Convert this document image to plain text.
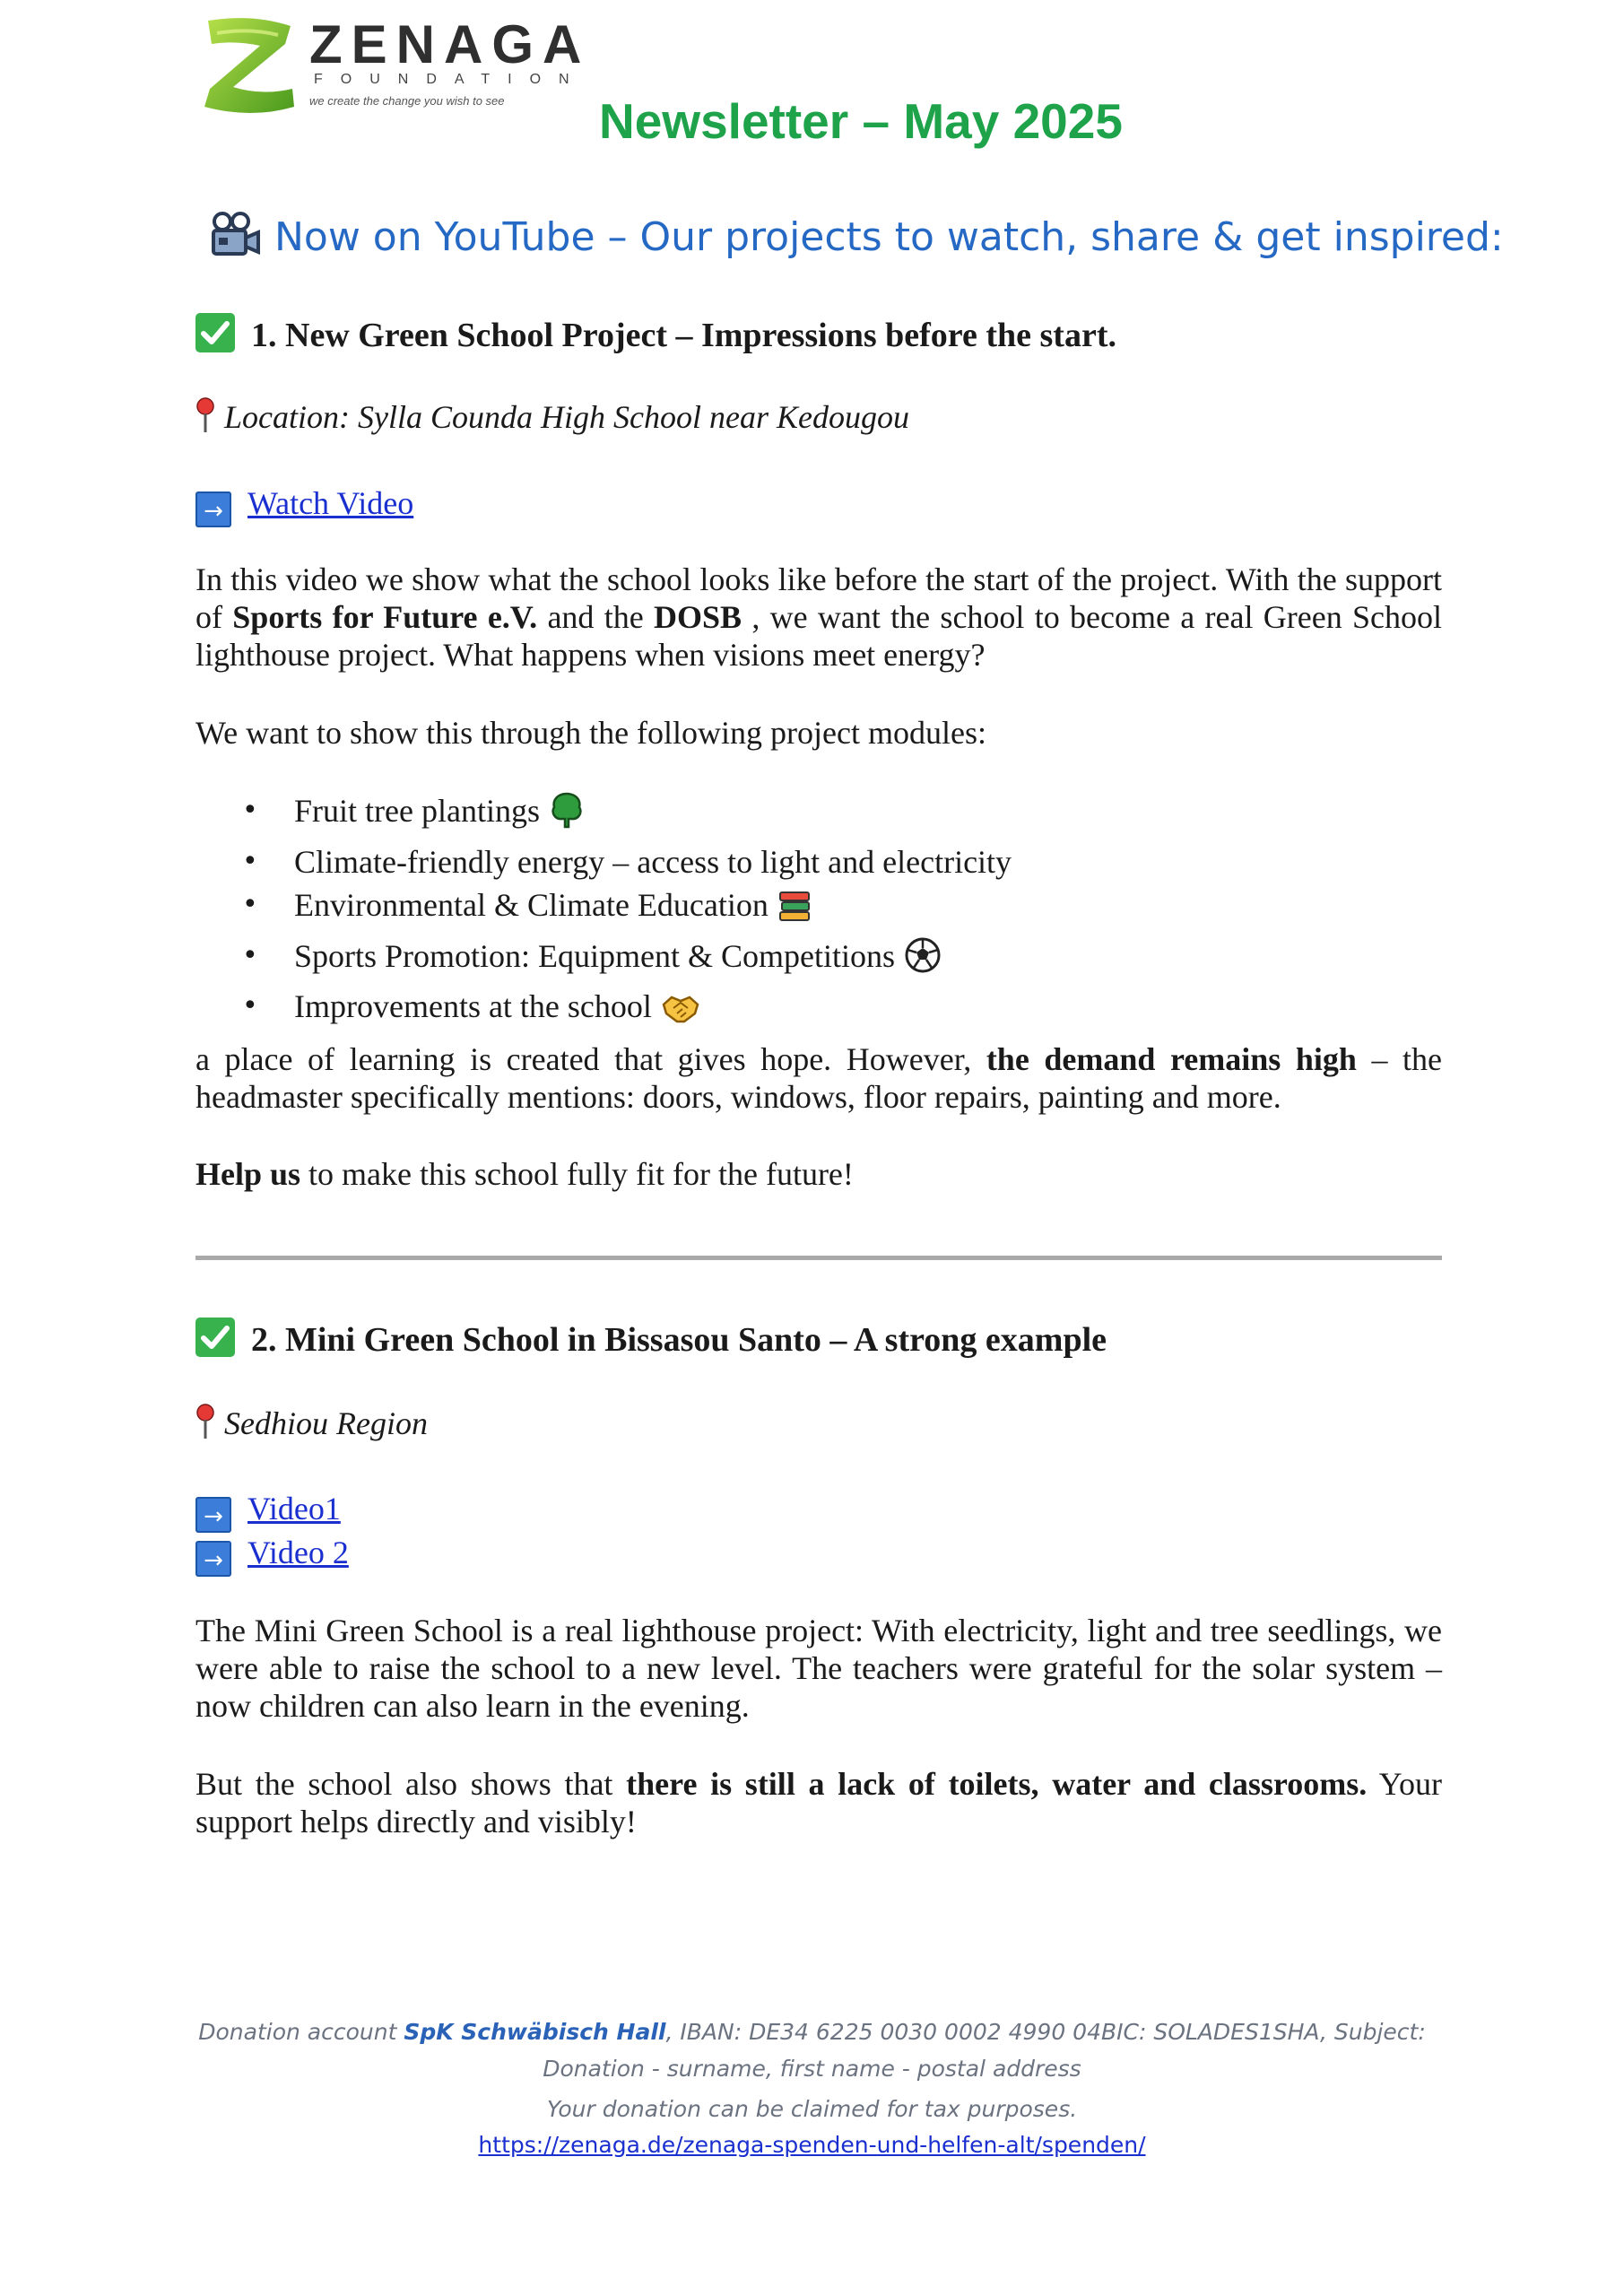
ZENAGA
FOUNDATION
we create the change you wish to see Newsletter – May 2025
Now on YouTube – Our projects to watch, share & get inspired:
1. New Green School Project – Impressions before the start.
Location: Sylla Counda High School near Kedougou
→ Watch Video
In this video we show what the school looks like before the start of the project. With the support of Sports for Future e.V. and the DOSB , we want the school to become a real Green School lighthouse project. What happens when visions meet energy?
We want to show this through the following project modules:
• Fruit tree plantings
• Climate-friendly energy – access to light and electricity
• Environmental & Climate Education
• Sports Promotion: Equipment & Competitions
• Improvements at the school
a place of learning is created that gives hope. However, the demand remains high – the headmaster specifically mentions: doors, windows, floor repairs, painting and more.
Help us to make this school fully fit for the future!
2. Mini Green School in Bissasou Santo – A strong example
Sedhiou Region
→ Video1
→ Video 2
The Mini Green School is a real lighthouse project: With electricity, light and tree seedlings, we were able to raise the school to a new level. The teachers were grateful for the solar system – now children can also learn in the evening.
But the school also shows that there is still a lack of toilets, water and classrooms. Your support helps directly and visibly!
Donation account SpK Schwäbisch Hall, IBAN: DE34 6225 0030 0002 4990 04BIC: SOLADES1SHA, Subject:
Donation - surname, first name - postal address
Your donation can be claimed for tax purposes.
https://zenaga.de/zenaga-spenden-und-helfen-alt/spenden/
